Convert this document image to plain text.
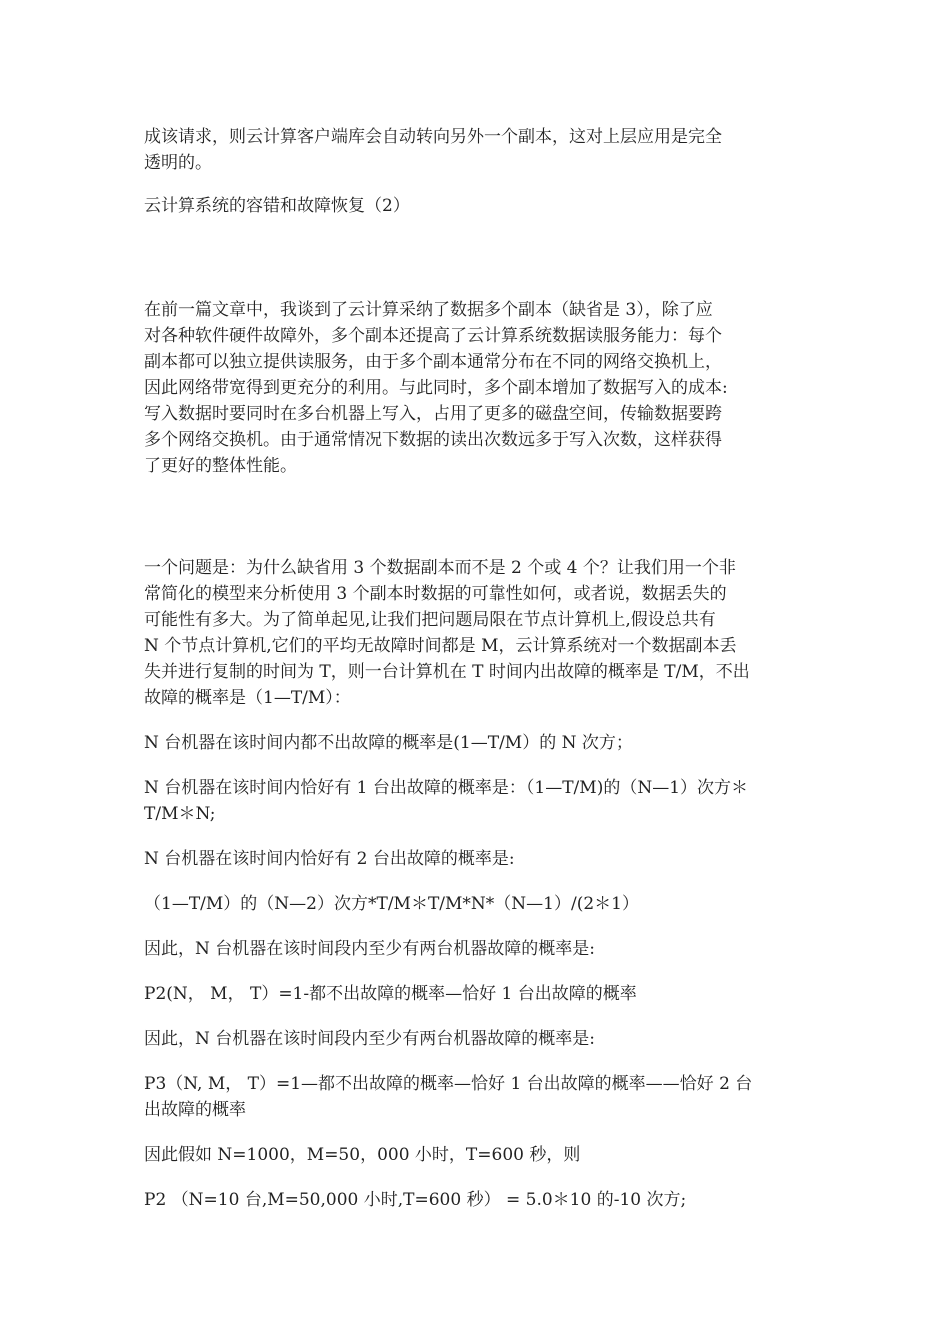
成该请求，则云计算客户端库会自动转向另外一个副本，这对上层应用是完全
透明的。

云计算系统的容错和故障恢复（2）

在前一篇文章中，我谈到了云计算采纳了数据多个副本（缺省是 3），除了应
对各种软件硬件故障外，多个副本还提高了云计算系统数据读服务能力：每个
副本都可以独立提供读服务，由于多个副本通常分布在不同的网络交换机上，
因此网络带宽得到更充分的利用。与此同时，多个副本增加了数据写入的成本:
写入数据时要同时在多台机器上写入，占用了更多的磁盘空间，传输数据要跨
多个网络交换机。由于通常情况下数据的读出次数远多于写入次数，这样获得
了更好的整体性能。

一个问题是：为什么缺省用 3 个数据副本而不是 2 个或 4 个？让我们用一个非
常简化的模型来分析使用 3 个副本时数据的可靠性如何，或者说，数据丢失的
可能性有多大。为了简单起见,让我们把问题局限在节点计算机上,假设总共有
N 个节点计算机,它们的平均无故障时间都是 M，云计算系统对一个数据副本丢
失并进行复制的时间为 T，则一台计算机在 T 时间内出故障的概率是 T/M，不出
故障的概率是（1—T/M）：

N 台机器在该时间内都不出故障的概率是(1—T/M）的 N 次方；

N 台机器在该时间内恰好有 1 台出故障的概率是：（1—T/M)的（N—1）次方＊
T/M＊N;

N 台机器在该时间内恰好有 2 台出故障的概率是:

（1—T/M）的（N—2）次方*T/M＊T/M*N*（N—1）/(2＊1）

因此，N 台机器在该时间段内至少有两台机器故障的概率是:

P2(N， M， T）=1-都不出故障的概率—恰好 1 台出故障的概率

因此，N 台机器在该时间段内至少有两台机器故障的概率是:

P3（N, M， T）=1—都不出故障的概率—恰好 1 台出故障的概率——恰好 2 台
出故障的概率

因此假如 N=1000，M=50，000 小时，T=600 秒，则

P2 （N=10 台,M=50,000 小时,T=600 秒） = 5.0＊10 的-10 次方;
